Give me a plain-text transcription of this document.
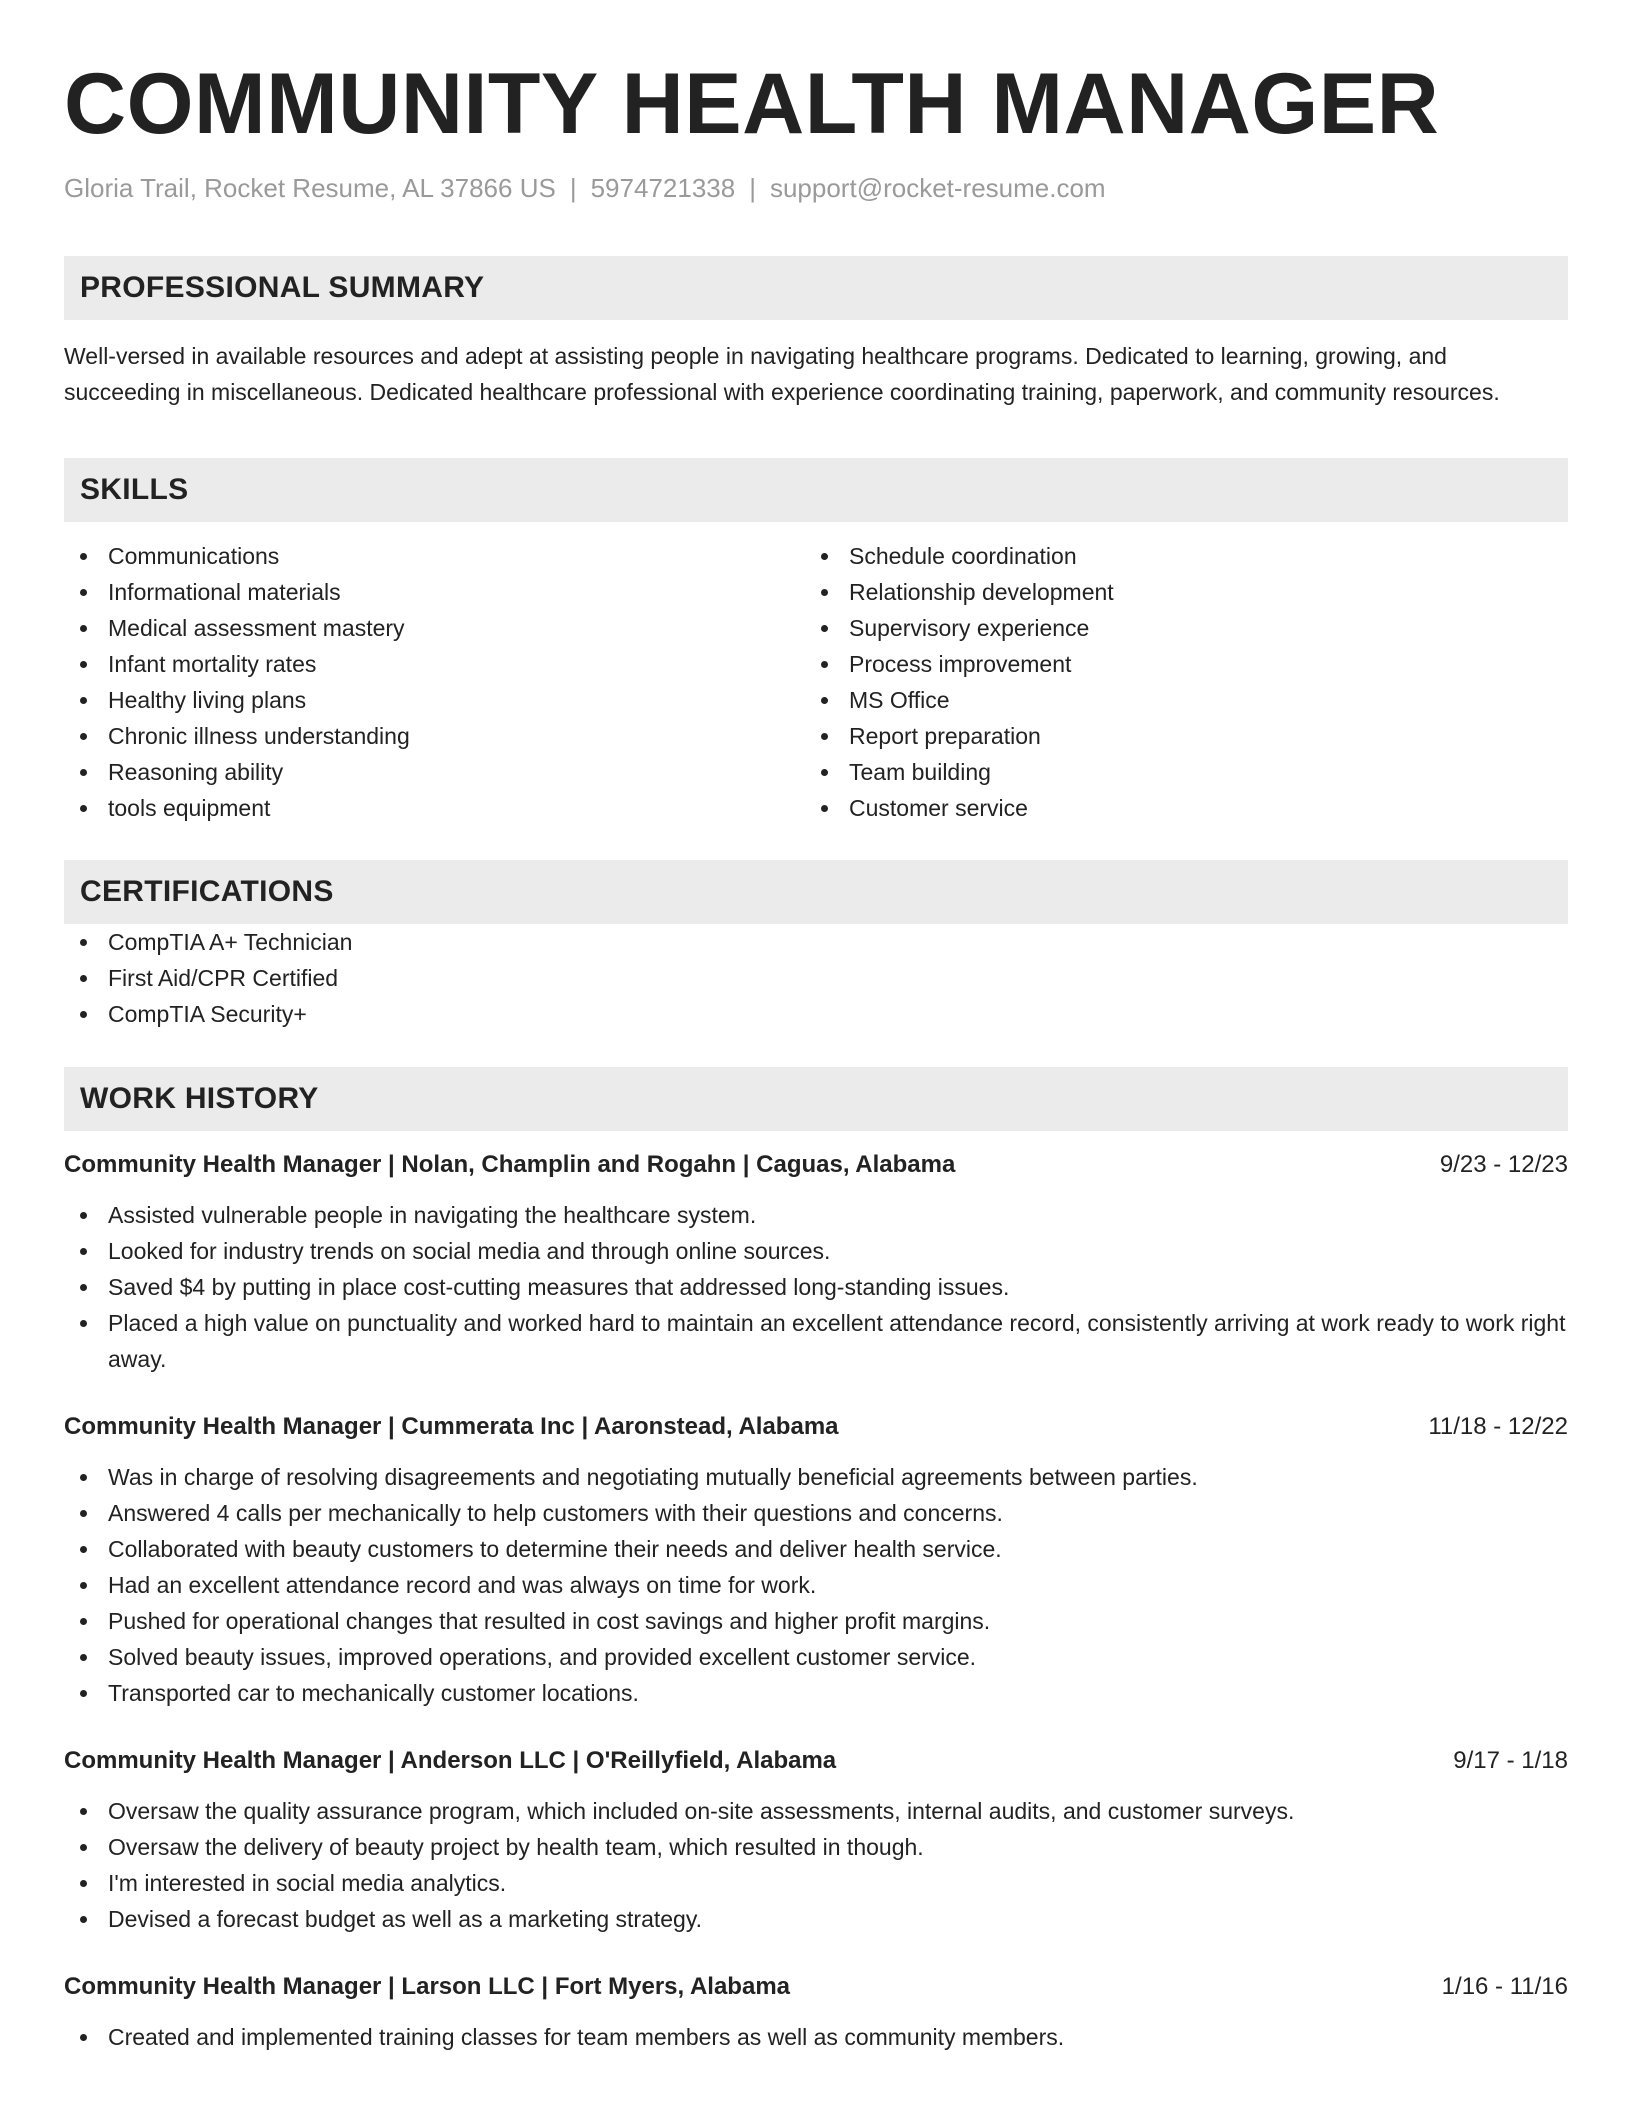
COMMUNITY HEALTH MANAGER
Gloria Trail, Rocket Resume, AL 37866 US | 5974721338 | support@rocket-resume.com
PROFESSIONAL SUMMARY
Well-versed in available resources and adept at assisting people in navigating healthcare programs. Dedicated to learning, growing, and succeeding in miscellaneous. Dedicated healthcare professional with experience coordinating training, paperwork, and community resources.
SKILLS
Communications
Informational materials
Medical assessment mastery
Infant mortality rates
Healthy living plans
Chronic illness understanding
Reasoning ability
tools equipment
Schedule coordination
Relationship development
Supervisory experience
Process improvement
MS Office
Report preparation
Team building
Customer service
CERTIFICATIONS
CompTIA A+ Technician
First Aid/CPR Certified
CompTIA Security+
WORK HISTORY
Community Health Manager | Nolan, Champlin and Rogahn | Caguas, Alabama	9/23 - 12/23
Assisted vulnerable people in navigating the healthcare system.
Looked for industry trends on social media and through online sources.
Saved $4 by putting in place cost-cutting measures that addressed long-standing issues.
Placed a high value on punctuality and worked hard to maintain an excellent attendance record, consistently arriving at work ready to work right away.
Community Health Manager | Cummerata Inc | Aaronstead, Alabama	11/18 - 12/22
Was in charge of resolving disagreements and negotiating mutually beneficial agreements between parties.
Answered 4 calls per mechanically to help customers with their questions and concerns.
Collaborated with beauty customers to determine their needs and deliver health service.
Had an excellent attendance record and was always on time for work.
Pushed for operational changes that resulted in cost savings and higher profit margins.
Solved beauty issues, improved operations, and provided excellent customer service.
Transported car to mechanically customer locations.
Community Health Manager | Anderson LLC | O'Reillyfield, Alabama	9/17 - 1/18
Oversaw the quality assurance program, which included on-site assessments, internal audits, and customer surveys.
Oversaw the delivery of beauty project by health team, which resulted in though.
I'm interested in social media analytics.
Devised a forecast budget as well as a marketing strategy.
Community Health Manager | Larson LLC | Fort Myers, Alabama	1/16 - 11/16
Created and implemented training classes for team members as well as community members.
